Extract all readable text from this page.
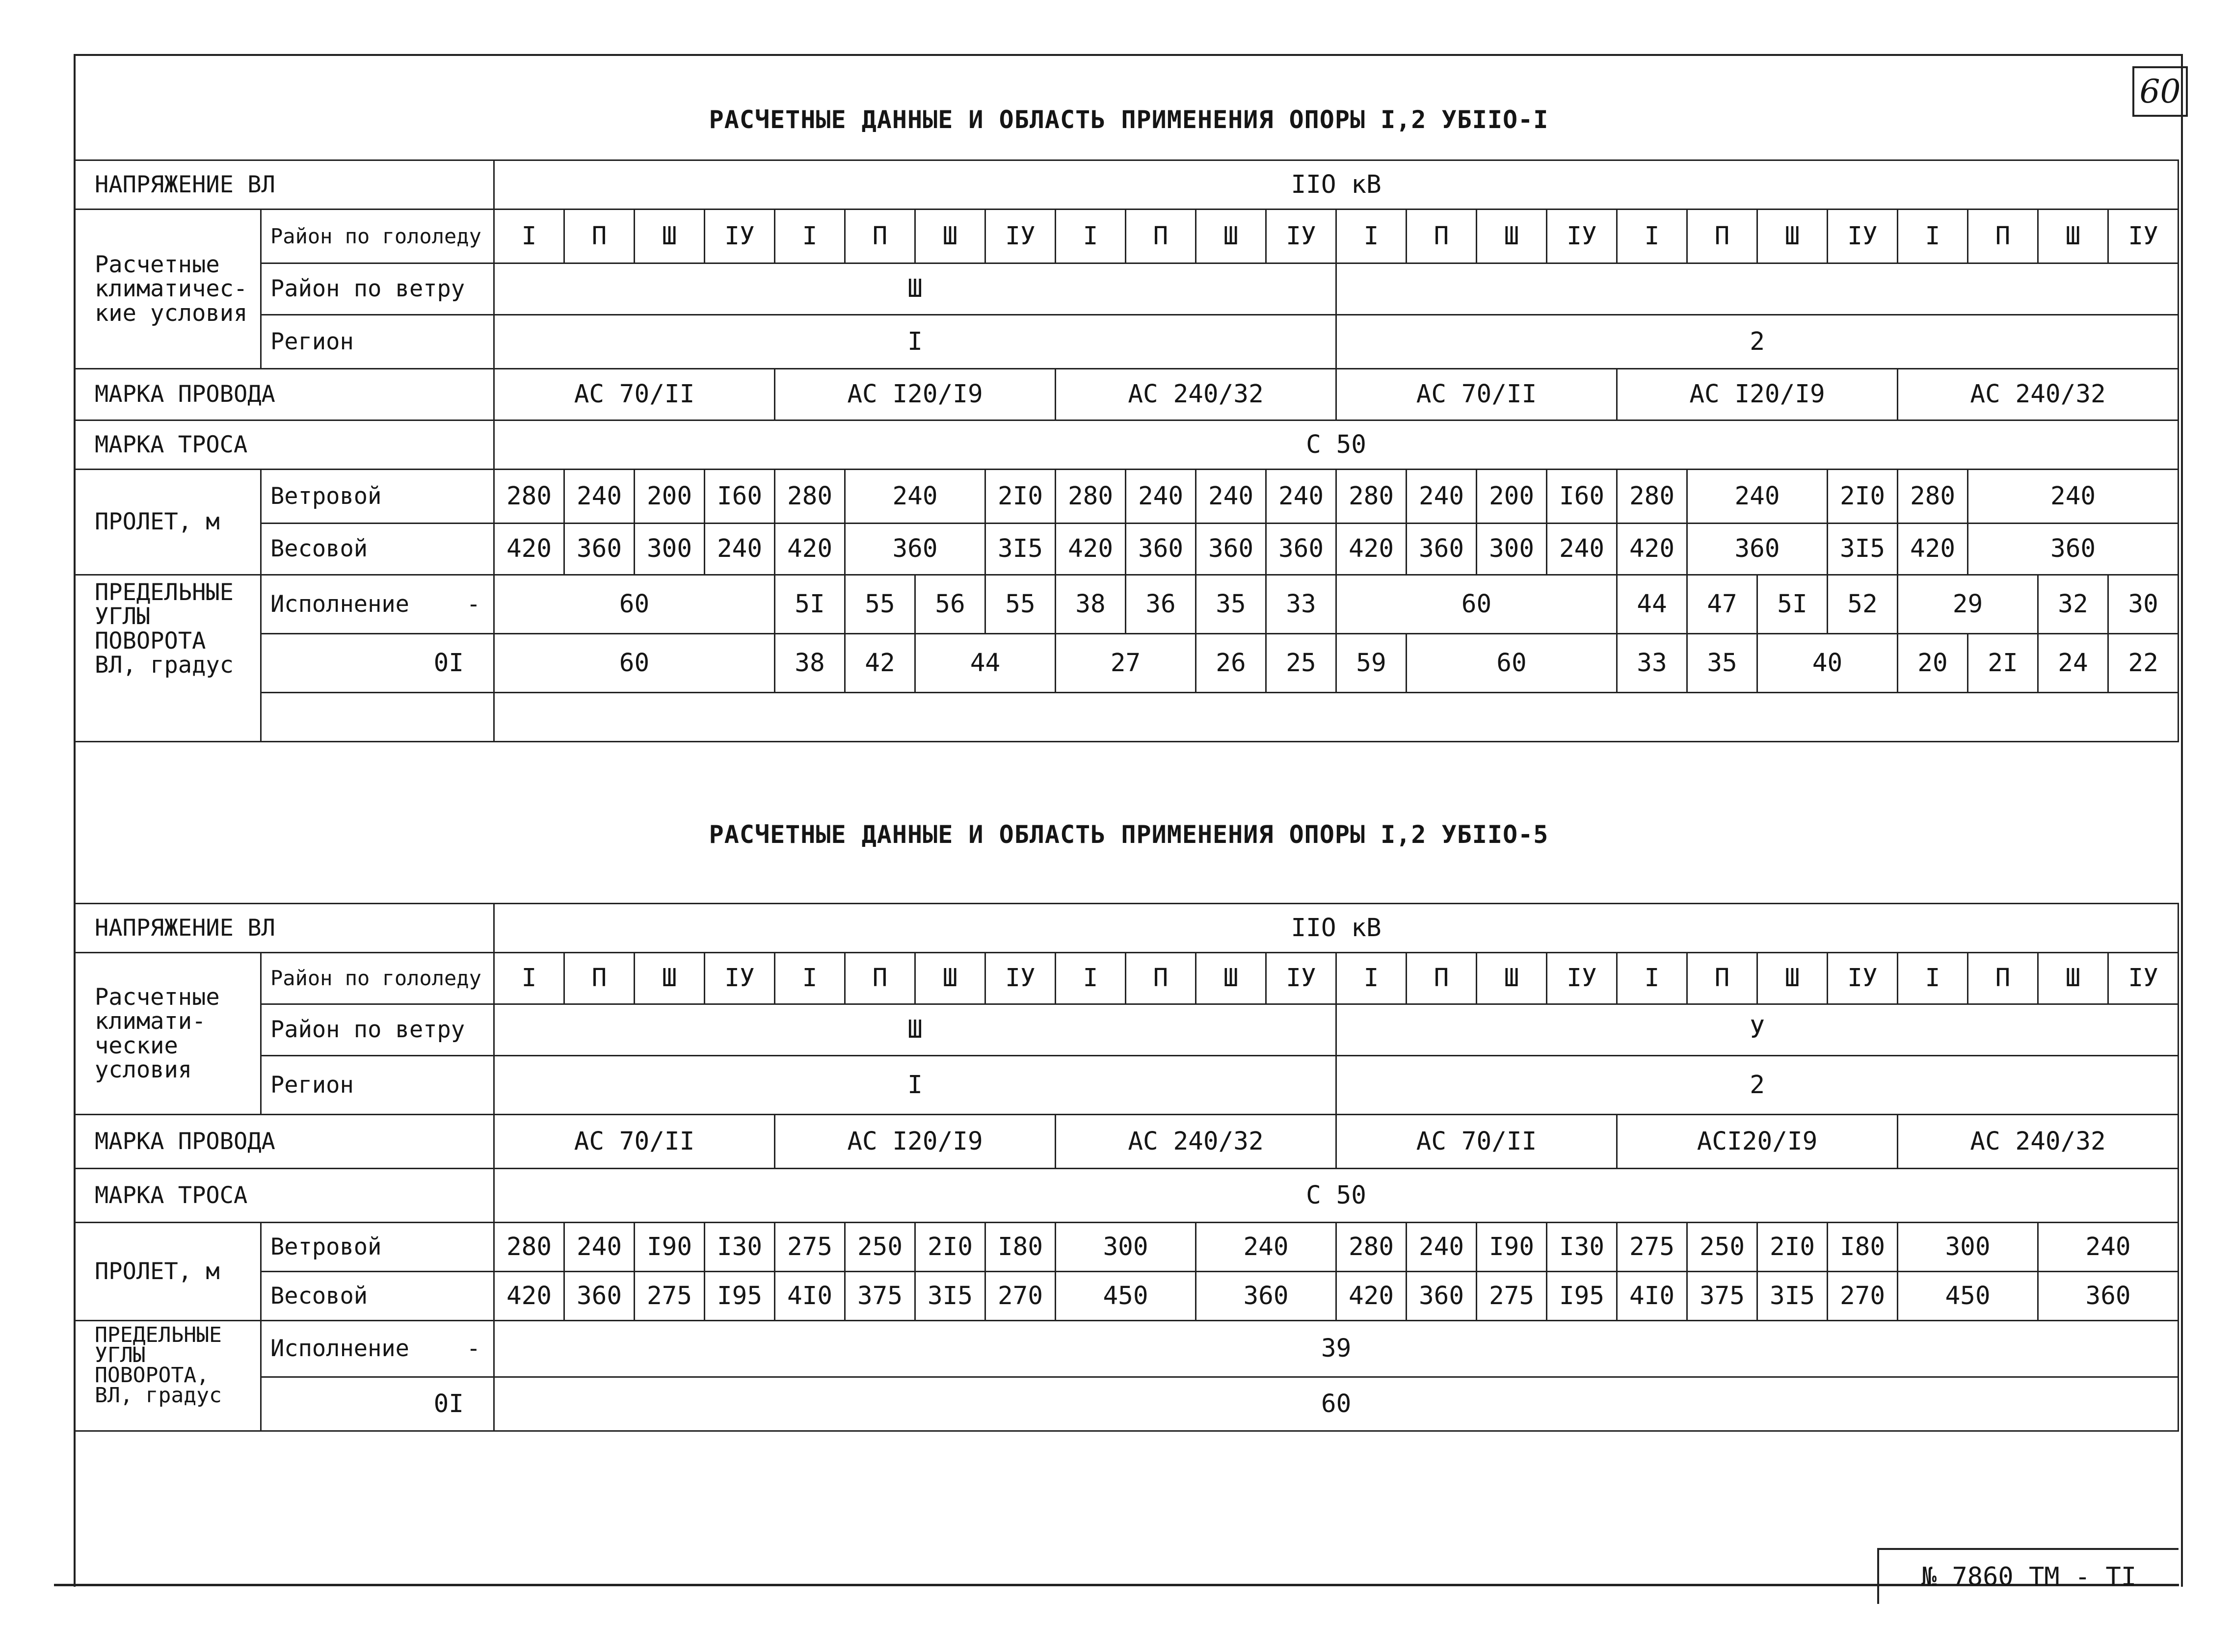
60
РАСЧЕТНЫЕ ДАННЫЕ И ОБЛАСТЬ ПРИМЕНЕНИЯ ОПОРЫ I,2 УБIIО-I
НАПРЯЖЕНИЕ ВЛ		IIO кВ																							
Расчетные климатичес-кие условия	Район по гололеду	I	П	Ш	IУ	I	П	Ш	IУ	I	П	Ш	IУ	I	П	Ш	IУ	I	П	Ш	IУ	I	П	Ш	IУ
	Район по ветру	Ш																							
	Регион	I												2											
МАРКА ПРОВОДА		АС 70/II				АС I20/I9				АС 240/32				АС 70/II				АС I20/I9				АС 240/32			
МАРКА ТРОСА		С 50																							
ПРОЛЕТ, м	Ветровой	280	240	200	I60	280	240		2I0	280	240	240	240	280	240	200	I60	280	240		2I0	280	240		
	Весовой	420	360	300	240	420	360		3I5	420	360	360	360	420	360	300	240	420	360		3I5	420	360		
ПРЕДЕЛЬНЫЕ УГЛЫ ПОВОРОТА ВЛ, градус	Исполнение -	60				5I	55	56	55	38	36	35	33	60				44	47	5I	52	29		32	30
	0I	60				38	42	44		27		26	25	59	60			33	35	40		20	2I	24	22

РАСЧЕТНЫЕ ДАННЫЕ И ОБЛАСТЬ ПРИМЕНЕНИЯ ОПОРЫ I,2 УБIIО-5
НАПРЯЖЕНИЕ ВЛ		IIO кВ																							
Расчетные климати-ческие условия	Район по гололеду	I	П	Ш	IУ	I	П	Ш	IУ	I	П	Ш	IУ	I	П	Ш	IУ	I	П	Ш	IУ	I	П	Ш	IУ
	Район по ветру	Ш												У											
	Регион	I												2											
МАРКА ПРОВОДА		АС 70/II				АС I20/I9				АС 240/32				АС 70/II				АСI20/I9				АС 240/32			
МАРКА ТРОСА		С 50																							
ПРОЛЕТ, м	Ветровой	280	240	I90	I30	275	250	2I0	I80	300		240		280	240	I90	I30	275	250	2I0	I80	300		240	
	Весовой	420	360	275	I95	4I0	375	3I5	270	450		360		420	360	275	I95	4I0	375	3I5	270	450		360	
ПРЕДЕЛЬНЫЕ УГЛЫ ПОВОРОТА, ВЛ, градус	Исполнение -	39																							
	0I	60																							
№ 7860 ТМ - ТI
